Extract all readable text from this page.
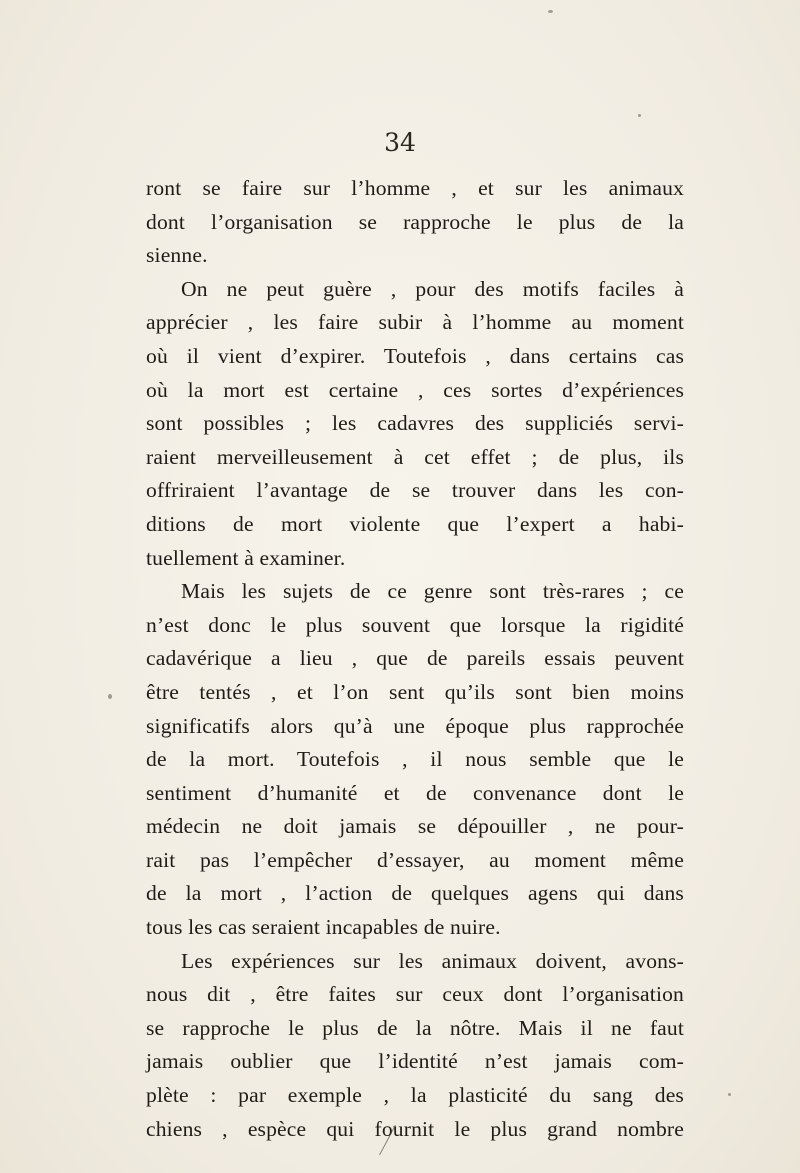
34
ront se faire sur l’homme , et sur les animaux
dont l’organisation se rapproche le plus de la
sienne.
On ne peut guère , pour des motifs faciles à
apprécier , les faire subir à l’homme au moment
où il vient d’expirer. Toutefois , dans certains cas
où la mort est certaine , ces sortes d’expériences
sont possibles ; les cadavres des suppliciés servi-
raient merveilleusement à cet effet ; de plus, ils
offriraient l’avantage de se trouver dans les con-
ditions de mort violente que l’expert a habi-
tuellement à examiner.
Mais les sujets de ce genre sont très-rares ; ce
n’est donc le plus souvent que lorsque la rigidité
cadavérique a lieu , que de pareils essais peuvent
être tentés , et l’on sent qu’ils sont bien moins
significatifs alors qu’à une époque plus rapprochée
de la mort. Toutefois , il nous semble que le
sentiment d’humanité et de convenance dont le
médecin ne doit jamais se dépouiller , ne pour-
rait pas l’empêcher d’essayer, au moment même
de la mort , l’action de quelques agens qui dans
tous les cas seraient incapables de nuire.
Les expériences sur les animaux doivent, avons-
nous dit , être faites sur ceux dont l’organisation
se rapproche le plus de la nôtre. Mais il ne faut
jamais oublier que l’identité n’est jamais com-
plète : par exemple , la plasticité du sang des
chiens , espèce qui fournit le plus grand nombre
